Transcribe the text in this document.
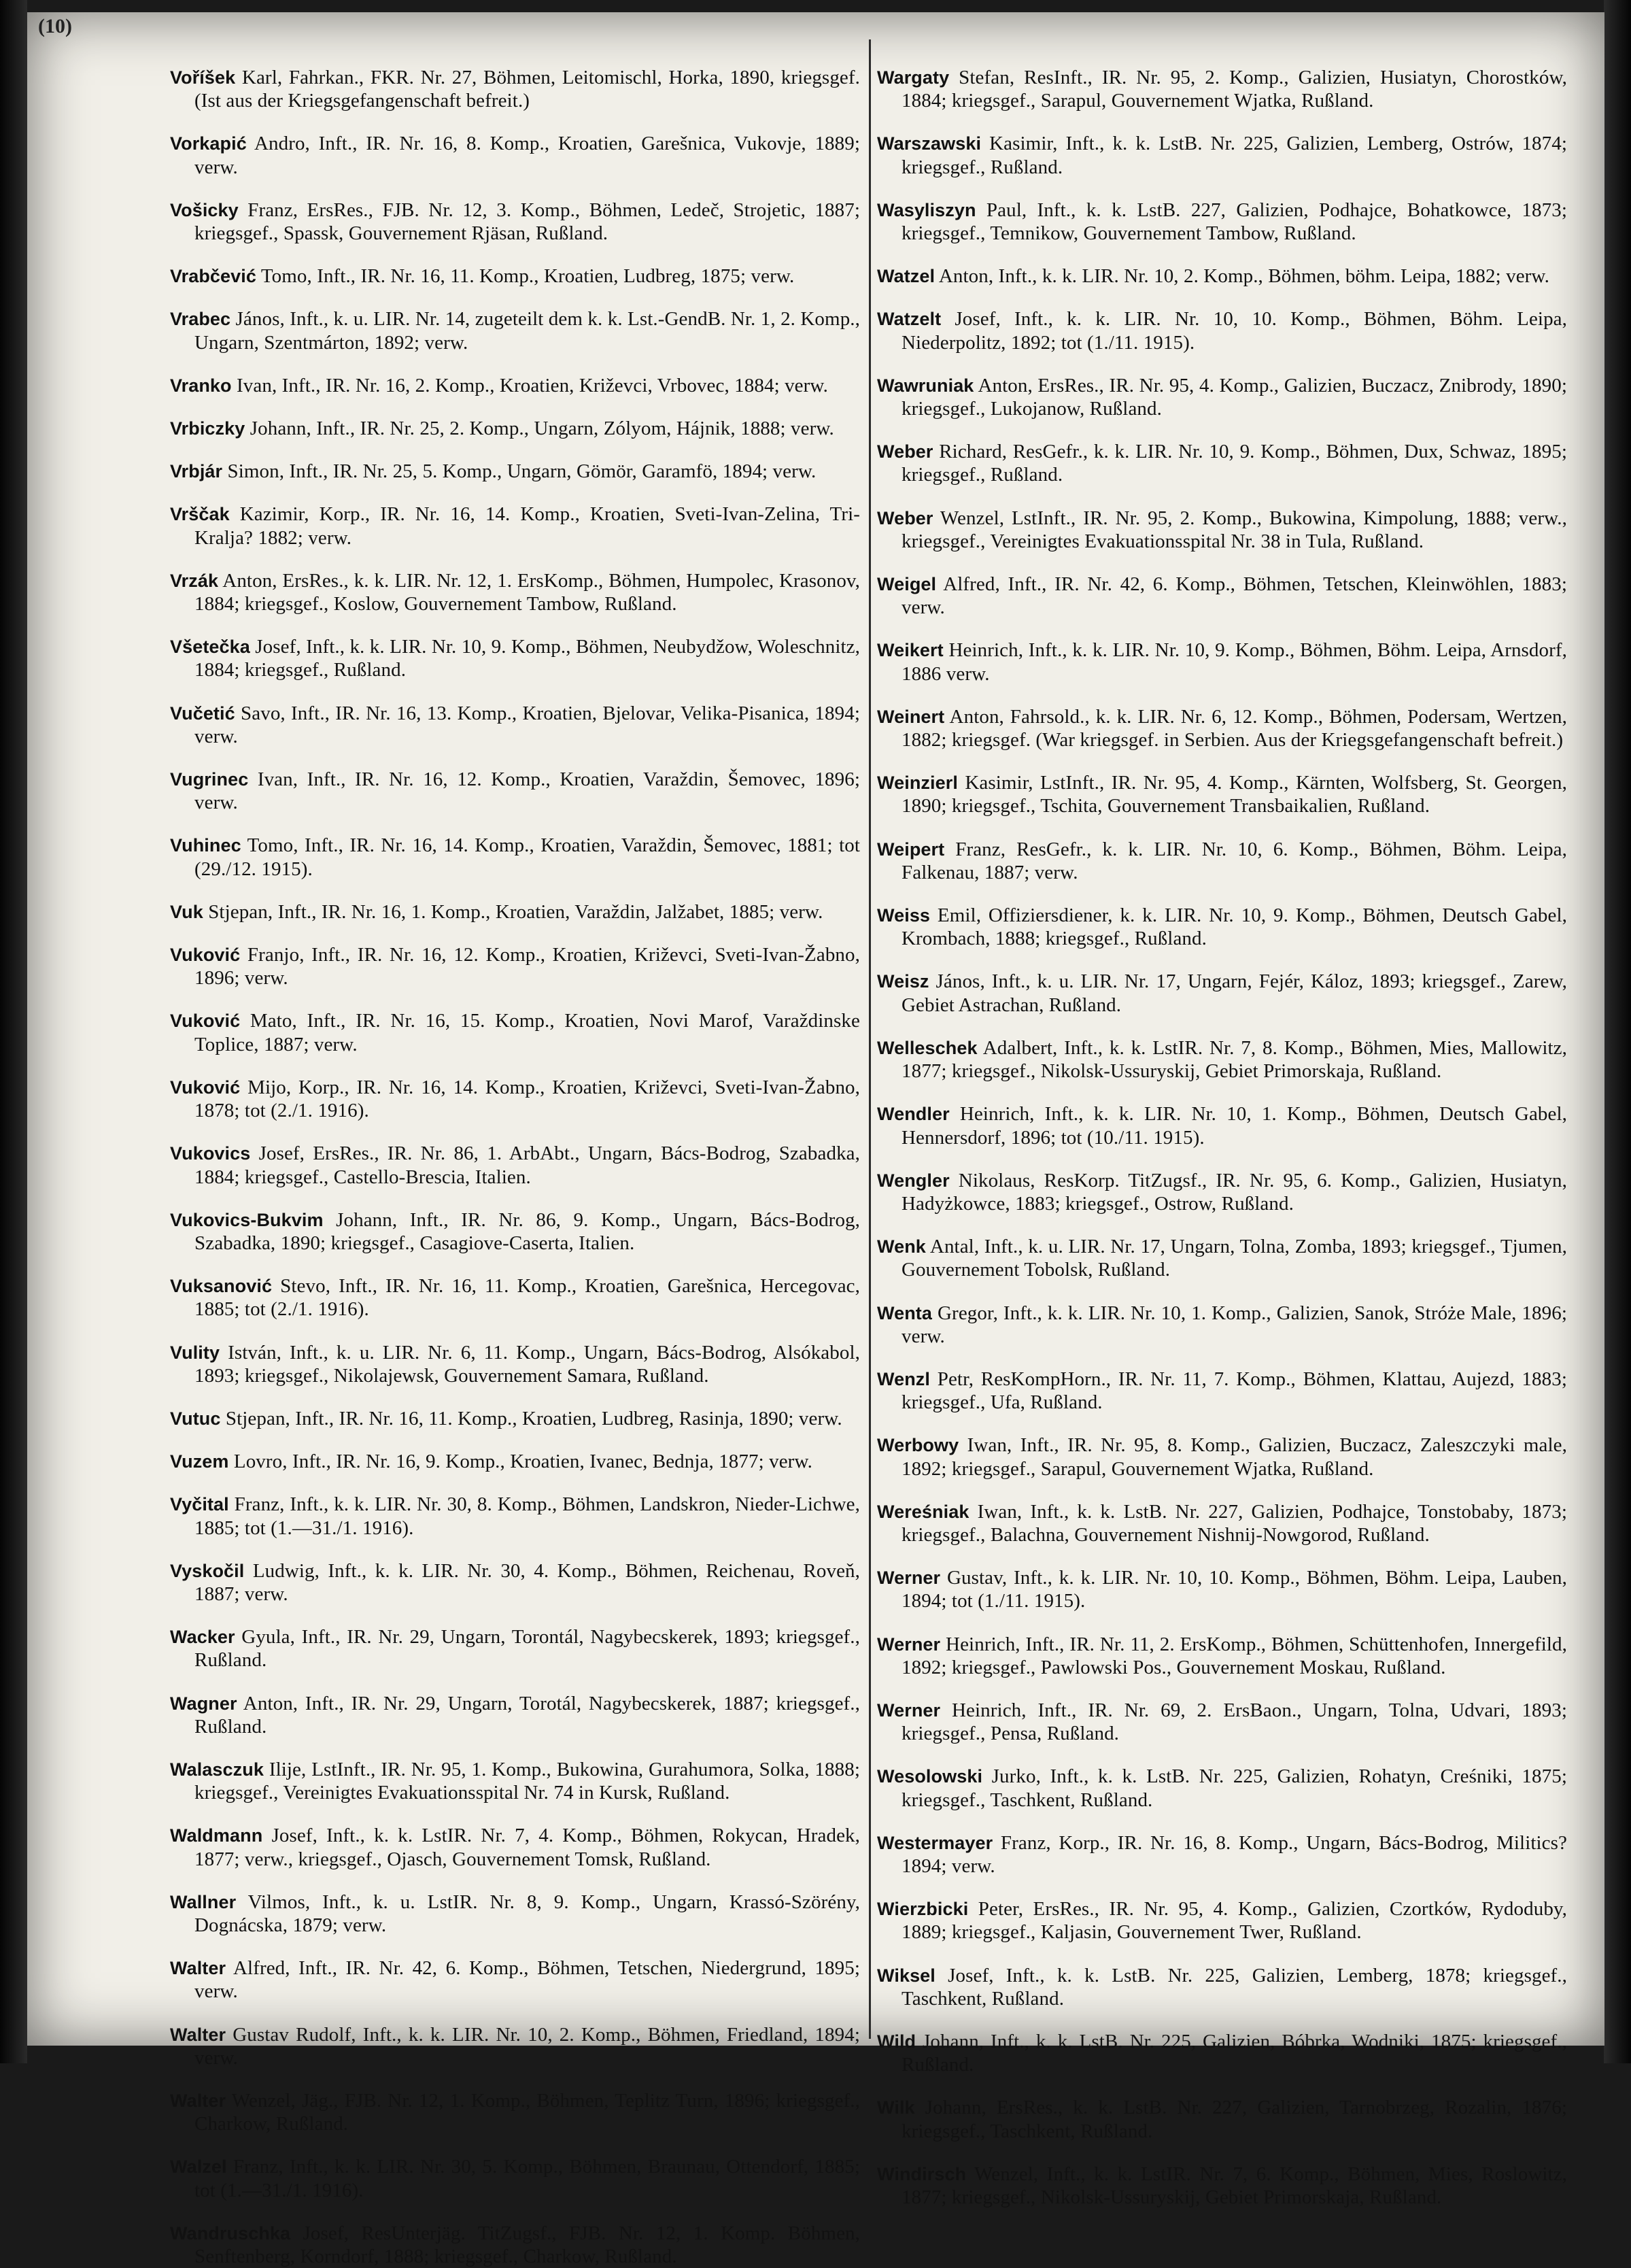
(10)

Voříšek Karl, Fahrkan., FKR. Nr. 27, Böhmen, Leitomischl, Horka, 1890, kriegsgef. (Ist aus der Kriegsgefangenschaft befreit.)

Vorkapić Andro, Inft., IR. Nr. 16, 8. Komp., Kroatien, Garešnica, Vukovje, 1889; verw.

Vošicky Franz, ErsRes., FJB. Nr. 12, 3. Komp., Böhmen, Ledeč, Strojetic, 1887; kriegsgef., Spassk, Gouvernement Rjäsan, Rußland.

Vrabčević Tomo, Inft., IR. Nr. 16, 11. Komp., Kroatien, Ludbreg, 1875; verw.

Vrabec János, Inft., k. u. LIR. Nr. 14, zugeteilt dem k. k. Lst.-GendB. Nr. 1, 2. Komp., Ungarn, Szentmárton, 1892; verw.

Vranko Ivan, Inft., IR. Nr. 16, 2. Komp., Kroatien, Križevci, Vrbovec, 1884; verw.

Vrbiczky Johann, Inft., IR. Nr. 25, 2. Komp., Ungarn, Zólyom, Hájnik, 1888; verw.

Vrbjár Simon, Inft., IR. Nr. 25, 5. Komp., Ungarn, Gömör, Garamfö, 1894; verw.

Vrščak Kazimir, Korp., IR. Nr. 16, 14. Komp., Kroatien, Sveti-Ivan-Zelina, Tri-Kralja? 1882; verw.

Vrzák Anton, ErsRes., k. k. LIR. Nr. 12, 1. ErsKomp., Böhmen, Humpolec, Krasonov, 1884; kriegsgef., Koslow, Gouvernement Tambow, Rußland.

Všetečka Josef, Inft., k. k. LIR. Nr. 10, 9. Komp., Böhmen, Neubydžow, Woleschnitz, 1884; kriegsgef., Rußland.

Vučetić Savo, Inft., IR. Nr. 16, 13. Komp., Kroatien, Bjelovar, Velika-Pisanica, 1894; verw.

Vugrinec Ivan, Inft., IR. Nr. 16, 12. Komp., Kroatien, Varaždin, Šemovec, 1896; verw.

Vuhinec Tomo, Inft., IR. Nr. 16, 14. Komp., Kroatien, Varaždin, Šemovec, 1881; tot (29./12. 1915).

Vuk Stjepan, Inft., IR. Nr. 16, 1. Komp., Kroatien, Varaždin, Jalžabet, 1885; verw.

Vuković Franjo, Inft., IR. Nr. 16, 12. Komp., Kroatien, Križevci, Sveti-Ivan-Žabno, 1896; verw.

Vuković Mato, Inft., IR. Nr. 16, 15. Komp., Kroatien, Novi Marof, Varaždinske Toplice, 1887; verw.

Vuković Mijo, Korp., IR. Nr. 16, 14. Komp., Kroatien, Križevci, Sveti-Ivan-Žabno, 1878; tot (2./1. 1916).

Vukovics Josef, ErsRes., IR. Nr. 86, 1. ArbAbt., Ungarn, Bács-Bodrog, Szabadka, 1884; kriegsgef., Castello-Brescia, Italien.

Vukovics-Bukvim Johann, Inft., IR. Nr. 86, 9. Komp., Ungarn, Bács-Bodrog, Szabadka, 1890; kriegsgef., Casagiove-Caserta, Italien.

Vuksanović Stevo, Inft., IR. Nr. 16, 11. Komp., Kroatien, Garešnica, Hercegovac, 1885; tot (2./1. 1916).

Vulity István, Inft., k. u. LIR. Nr. 6, 11. Komp., Ungarn, Bács-Bodrog, Alsókabol, 1893; kriegsgef., Nikolajewsk, Gouvernement Samara, Rußland.

Vutuc Stjepan, Inft., IR. Nr. 16, 11. Komp., Kroatien, Ludbreg, Rasinja, 1890; verw.

Vuzem Lovro, Inft., IR. Nr. 16, 9. Komp., Kroatien, Ivanec, Bednja, 1877; verw.

Vyčital Franz, Inft., k. k. LIR. Nr. 30, 8. Komp., Böhmen, Landskron, Nieder-Lichwe, 1885; tot (1.—31./1. 1916).

Vyskočil Ludwig, Inft., k. k. LIR. Nr. 30, 4. Komp., Böhmen, Reichenau, Roveň, 1887; verw.

Wacker Gyula, Inft., IR. Nr. 29, Ungarn, Torontál, Nagybecskerek, 1893; kriegsgef., Rußland.

Wagner Anton, Inft., IR. Nr. 29, Ungarn, Torotál, Nagybecskerek, 1887; kriegsgef., Rußland.

Walasczuk Ilije, LstInft., IR. Nr. 95, 1. Komp., Bukowina, Gurahumora, Solka, 1888; kriegsgef., Vereinigtes Evakuationsspital Nr. 74 in Kursk, Rußland.

Waldmann Josef, Inft., k. k. LstIR. Nr. 7, 4. Komp., Böhmen, Rokycan, Hradek, 1877; verw., kriegsgef., Ojasch, Gouvernement Tomsk, Rußland.

Wallner Vilmos, Inft., k. u. LstIR. Nr. 8, 9. Komp., Ungarn, Krassó-Szörény, Dognácska, 1879; verw.

Walter Alfred, Inft., IR. Nr. 42, 6. Komp., Böhmen, Tetschen, Niedergrund, 1895; verw.

Walter Gustav Rudolf, Inft., k. k. LIR. Nr. 10, 2. Komp., Böhmen, Friedland, 1894; verw.

Walter Wenzel, Jäg., FJB. Nr. 12, 1. Komp., Böhmen, Teplitz Turn, 1896; kriegsgef., Charkow, Rußland.

Walzel Franz, Inft., k. k. LIR. Nr. 30, 5. Komp., Böhmen, Braunau, Ottendorf, 1885; tot (1.—31./1. 1916).

Wandruschka Josef, ResUnterjäg. TitZugsf., FJB. Nr. 12, 1. Komp. Böhmen, Senftenberg, Korndorf, 1888; kriegsgef., Charkow, Rußland.

Wargaty Stefan, ResInft., IR. Nr. 95, 2. Komp., Galizien, Husiatyn, Chorostków, 1884; kriegsgef., Sarapul, Gouvernement Wjatka, Rußland.

Warszawski Kasimir, Inft., k. k. LstB. Nr. 225, Galizien, Lemberg, Ostrów, 1874; kriegsgef., Rußland.

Wasyliszyn Paul, Inft., k. k. LstB. 227, Galizien, Podhajce, Bohatkowce, 1873; kriegsgef., Temnikow, Gouvernement Tambow, Rußland.

Watzel Anton, Inft., k. k. LIR. Nr. 10, 2. Komp., Böhmen, böhm. Leipa, 1882; verw.

Watzelt Josef, Inft., k. k. LIR. Nr. 10, 10. Komp., Böhmen, Böhm. Leipa, Niederpolitz, 1892; tot (1./11. 1915).

Wawruniak Anton, ErsRes., IR. Nr. 95, 4. Komp., Galizien, Buczacz, Znibrody, 1890; kriegsgef., Lukojanow, Rußland.

Weber Richard, ResGefr., k. k. LIR. Nr. 10, 9. Komp., Böhmen, Dux, Schwaz, 1895; kriegsgef., Rußland.

Weber Wenzel, LstInft., IR. Nr. 95, 2. Komp., Bukowina, Kimpolung, 1888; verw., kriegsgef., Vereinigtes Evakuationsspital Nr. 38 in Tula, Rußland.

Weigel Alfred, Inft., IR. Nr. 42, 6. Komp., Böhmen, Tetschen, Kleinwöhlen, 1883; verw.

Weikert Heinrich, Inft., k. k. LIR. Nr. 10, 9. Komp., Böhmen, Böhm. Leipa, Arnsdorf, 1886 verw.

Weinert Anton, Fahrsold., k. k. LIR. Nr. 6, 12. Komp., Böhmen, Podersam, Wertzen, 1882; kriegsgef. (War kriegsgef. in Serbien. Aus der Kriegsgefangenschaft befreit.)

Weinzierl Kasimir, LstInft., IR. Nr. 95, 4. Komp., Kärnten, Wolfsberg, St. Georgen, 1890; kriegsgef., Tschita, Gouvernement Transbaikalien, Rußland.

Weipert Franz, ResGefr., k. k. LIR. Nr. 10, 6. Komp., Böhmen, Böhm. Leipa, Falkenau, 1887; verw.

Weiss Emil, Offiziersdiener, k. k. LIR. Nr. 10, 9. Komp., Böhmen, Deutsch Gabel, Krombach, 1888; kriegsgef., Rußland.

Weisz János, Inft., k. u. LIR. Nr. 17, Ungarn, Fejér, Káloz, 1893; kriegsgef., Zarew, Gebiet Astrachan, Rußland.

Welleschek Adalbert, Inft., k. k. LstIR. Nr. 7, 8. Komp., Böhmen, Mies, Mallowitz, 1877; kriegsgef., Nikolsk-Ussuryskij, Gebiet Primorskaja, Rußland.

Wendler Heinrich, Inft., k. k. LIR. Nr. 10, 1. Komp., Böhmen, Deutsch Gabel, Hennersdorf, 1896; tot (10./11. 1915).

Wengler Nikolaus, ResKorp. TitZugsf., IR. Nr. 95, 6. Komp., Galizien, Husiatyn, Hadyżkowce, 1883; kriegsgef., Ostrow, Rußland.

Wenk Antal, Inft., k. u. LIR. Nr. 17, Ungarn, Tolna, Zomba, 1893; kriegsgef., Tjumen, Gouvernement Tobolsk, Rußland.

Wenta Gregor, Inft., k. k. LIR. Nr. 10, 1. Komp., Galizien, Sanok, Stróże Male, 1896; verw.

Wenzl Petr, ResKompHorn., IR. Nr. 11, 7. Komp., Böhmen, Klattau, Aujezd, 1883; kriegsgef., Ufa, Rußland.

Werbowy Iwan, Inft., IR. Nr. 95, 8. Komp., Galizien, Buczacz, Zaleszczyki male, 1892; kriegsgef., Sarapul, Gouvernement Wjatka, Rußland.

Wereśniak Iwan, Inft., k. k. LstB. Nr. 227, Galizien, Podhajce, Tonstobaby, 1873; kriegsgef., Balachna, Gouvernement Nishnij-Nowgorod, Rußland.

Werner Gustav, Inft., k. k. LIR. Nr. 10, 10. Komp., Böhmen, Böhm. Leipa, Lauben, 1894; tot (1./11. 1915).

Werner Heinrich, Inft., IR. Nr. 11, 2. ErsKomp., Böhmen, Schüttenhofen, Innergefild, 1892; kriegsgef., Pawlowski Pos., Gouvernement Moskau, Rußland.

Werner Heinrich, Inft., IR. Nr. 69, 2. ErsBaon., Ungarn, Tolna, Udvari, 1893; kriegsgef., Pensa, Rußland.

Wesolowski Jurko, Inft., k. k. LstB. Nr. 225, Galizien, Rohatyn, Creśniki, 1875; kriegsgef., Taschkent, Rußland.

Westermayer Franz, Korp., IR. Nr. 16, 8. Komp., Ungarn, Bács-Bodrog, Militics? 1894; verw.

Wierzbicki Peter, ErsRes., IR. Nr. 95, 4. Komp., Galizien, Czortków, Rydoduby, 1889; kriegsgef., Kaljasin, Gouvernement Twer, Rußland.

Wiksel Josef, Inft., k. k. LstB. Nr. 225, Galizien, Lemberg, 1878; kriegsgef., Taschkent, Rußland.

Wild Johann, Inft., k. k. LstB. Nr. 225, Galizien, Bóbrka, Wodniki, 1875; kriegsgef., Rußland.

Wilk Johann, ErsRes., k. k. LstB. Nr. 227, Galizien, Tarnobrzeg, Rozalin, 1876; kriegsgef., Taschkent, Rußland.

Windirsch Wenzel, Inft., k. k. LstIR. Nr. 7, 6. Komp., Böhmen, Mies, Roslowitz, 1877; kriegsgef., Nikolsk-Ussuryskij, Gebiet Primorskaja, Rußland.
